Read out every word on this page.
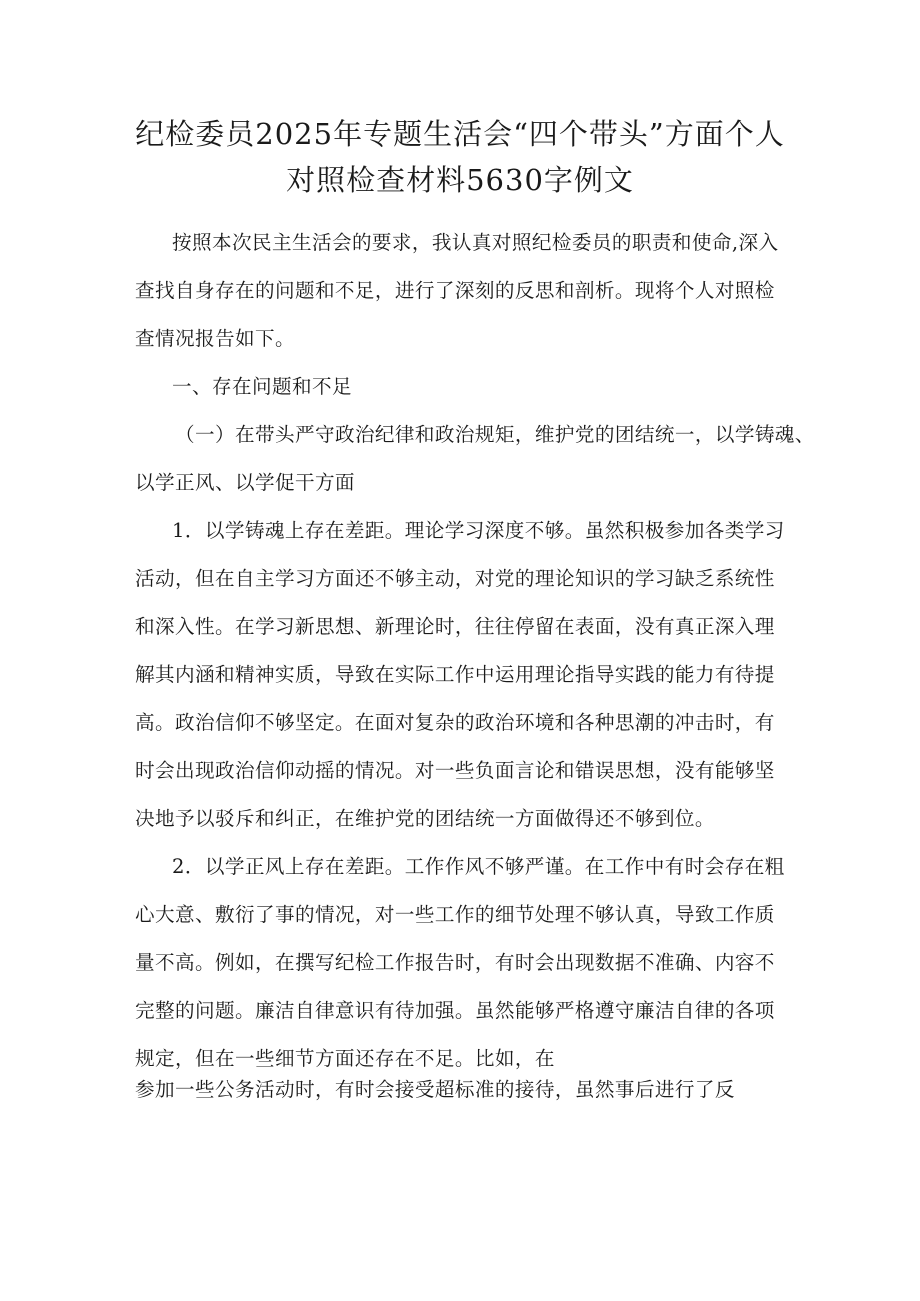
纪检委员2025年专题生活会“四个带头”方面个人
对照检查材料5630字例文
按照本次民主生活会的要求，我认真对照纪检委员的职责和使命,深入
查找自身存在的问题和不足，进行了深刻的反思和剖析。现将个人对照检
查情况报告如下。
一、存在问题和不足
（一）在带头严守政治纪律和政治规矩，维护党的团结统一，以学铸魂、
以学正风、以学促干方面
1．以学铸魂上存在差距。理论学习深度不够。虽然积极参加各类学习
活动，但在自主学习方面还不够主动，对党的理论知识的学习缺乏系统性
和深入性。在学习新思想、新理论时，往往停留在表面，没有真正深入理
解其内涵和精神实质，导致在实际工作中运用理论指导实践的能力有待提
高。政治信仰不够坚定。在面对复杂的政治环境和各种思潮的冲击时，有
时会出现政治信仰动摇的情况。对一些负面言论和错误思想，没有能够坚
决地予以驳斥和纠正，在维护党的团结统一方面做得还不够到位。
2．以学正风上存在差距。工作作风不够严谨。在工作中有时会存在粗
心大意、敷衍了事的情况，对一些工作的细节处理不够认真，导致工作质
量不高。例如，在撰写纪检工作报告时，有时会出现数据不准确、内容不
完整的问题。廉洁自律意识有待加强。虽然能够严格遵守廉洁自律的各项
规定，但在一些细节方面还存在不足。比如，在
参加一些公务活动时，有时会接受超标准的接待，虽然事后进行了反
